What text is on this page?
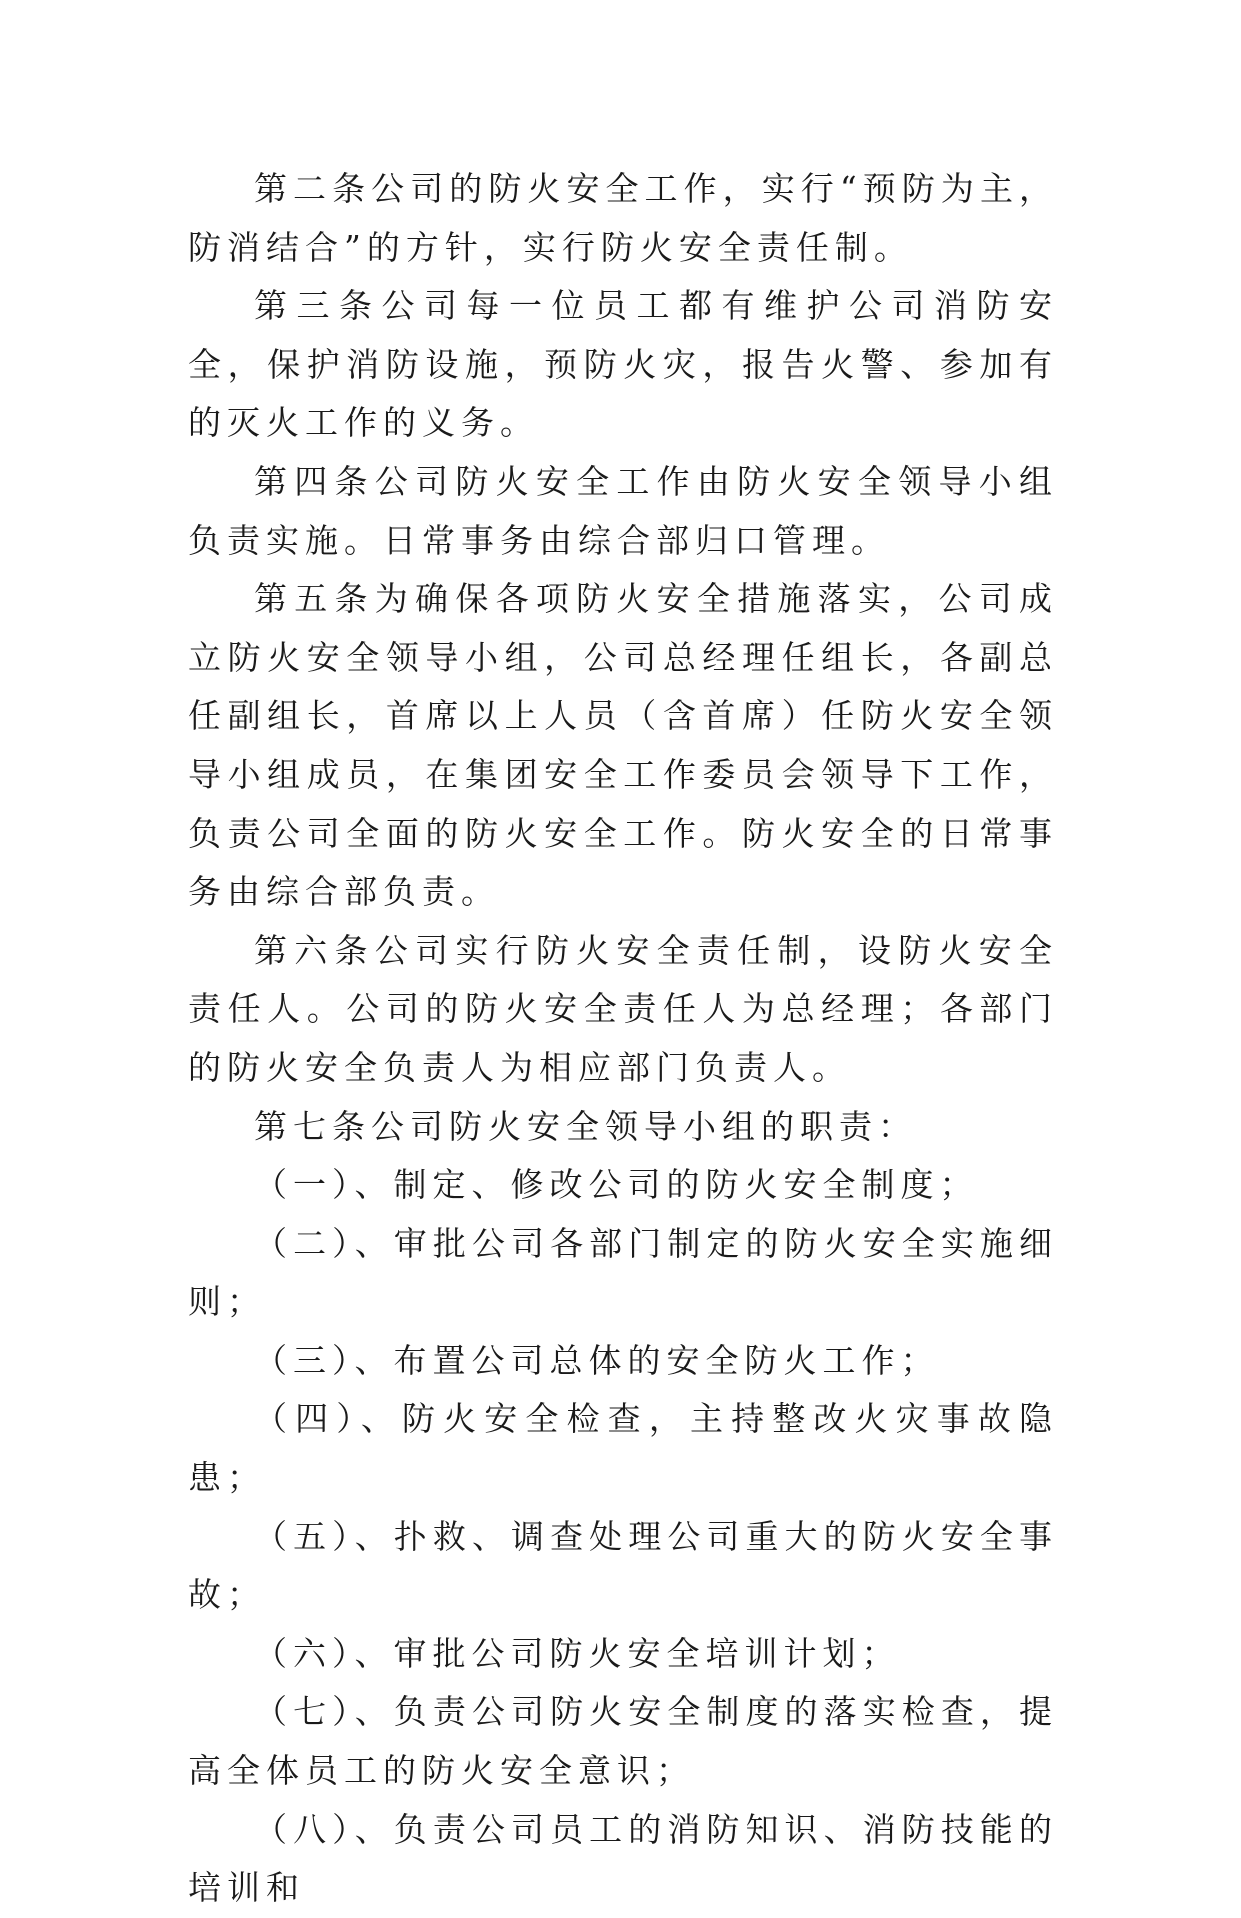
第二条公司的防火安全工作，实行“预防为主，防消结合”的方针，实行防火安全责任制。

第三条公司每一位员工都有维护公司消防安全，保护消防设施，预防火灾，报告火警、参加有的灭火工作的义务。

第四条公司防火安全工作由防火安全领导小组负责实施。日常事务由综合部归口管理。

第五条为确保各项防火安全措施落实，公司成立防火安全领导小组，公司总经理任组长，各副总任副组长，首席以上人员（含首席）任防火安全领导小组成员，在集团安全工作委员会领导下工作，负责公司全面的防火安全工作。防火安全的日常事务由综合部负责。

第六条公司实行防火安全责任制，设防火安全责任人。公司的防火安全责任人为总经理；各部门的防火安全负责人为相应部门负责人。

第七条公司防火安全领导小组的职责：

（一）、制定、修改公司的防火安全制度；

（二）、审批公司各部门制定的防火安全实施细则；

（三）、布置公司总体的安全防火工作；

（四）、防火安全检查，主持整改火灾事故隐患；

（五）、扑救、调查处理公司重大的防火安全事故；

（六）、审批公司防火安全培训计划；

（七）、负责公司防火安全制度的落实检查，提高全体员工的防火安全意识；

（八）、负责公司员工的消防知识、消防技能的培训和
